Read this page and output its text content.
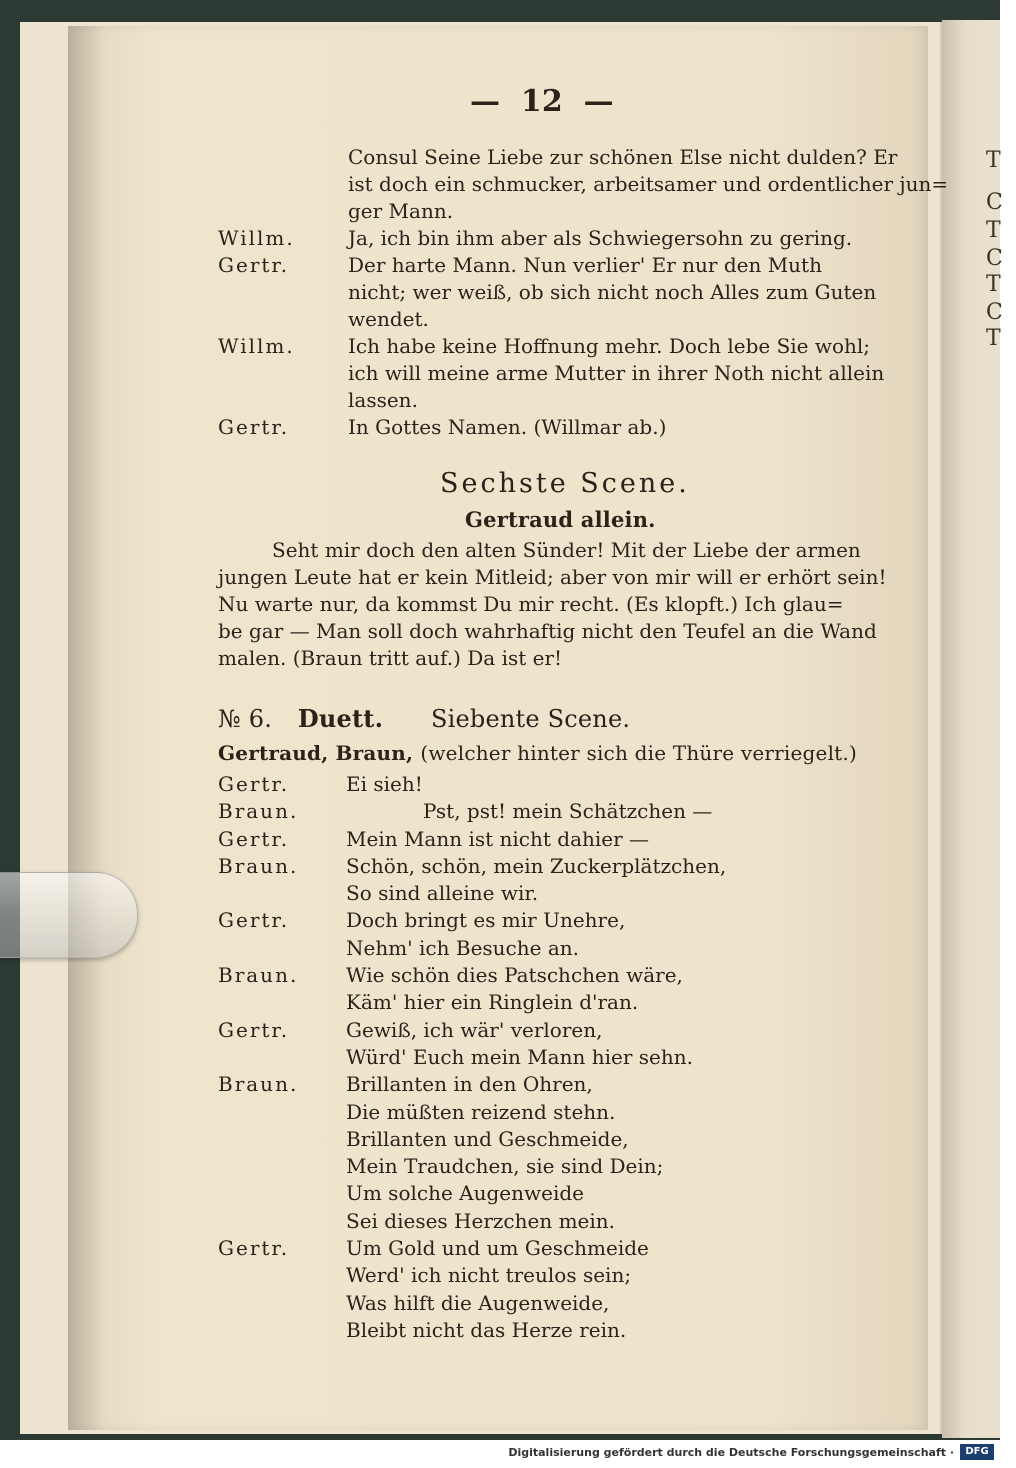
T
C
T
C
T
C
T
— 12 —
Consul Seine Liebe zur schönen Else nicht dulden? Er
ist doch ein schmucker, arbeitsamer und ordentlicher jun=
ger Mann.
Willm.	Ja, ich bin ihm aber als Schwiegersohn zu gering.
Gertr.	Der harte Mann. Nun verlier' Er nur den Muth
nicht; wer weiß, ob sich nicht noch Alles zum Guten
wendet.
Willm.	Ich habe keine Hoffnung mehr. Doch lebe Sie wohl;
ich will meine arme Mutter in ihrer Noth nicht allein
lassen.
Gertr.	In Gottes Namen. (Willmar ab.)
Sechste Scene.
Gertraud allein.
Seht mir doch den alten Sünder! Mit der Liebe der armen
jungen Leute hat er kein Mitleid; aber von mir will er erhört sein!
Nu warte nur, da kommst Du mir recht. (Es klopft.) Ich glau=
be gar — Man soll doch wahrhaftig nicht den Teufel an die Wand
malen. (Braun tritt auf.) Da ist er!
№ 6. Duett. Siebente Scene.
Gertraud, Braun, (welcher hinter sich die Thüre verriegelt.)
Gertr.	Ei sieh!
Braun.	Pst, pst! mein Schätzchen —
Gertr.	Mein Mann ist nicht dahier —
Braun. Schön, schön, mein Zuckerplätzchen,
So sind alleine wir.
Gertr.	Doch bringt es mir Unehre,
Nehm' ich Besuche an.
Braun. Wie schön dies Patschchen wäre,
Käm' hier ein Ringlein d'ran.
Gertr.	Gewiß, ich wär' verloren,
Würd' Euch mein Mann hier sehn.
Braun. Brillanten in den Ohren,
Die müßten reizend stehn.
Brillanten und Geschmeide,
Mein Traudchen, sie sind Dein;
Um solche Augenweide
Sei dieses Herzchen mein.
Gertr.	Um Gold und um Geschmeide
Werd' ich nicht treulos sein;
Was hilft die Augenweide,
Bleibt nicht das Herze rein.
Digitalisierung gefördert durch die Deutsche Forschungsgemeinschaft ·	DFG
